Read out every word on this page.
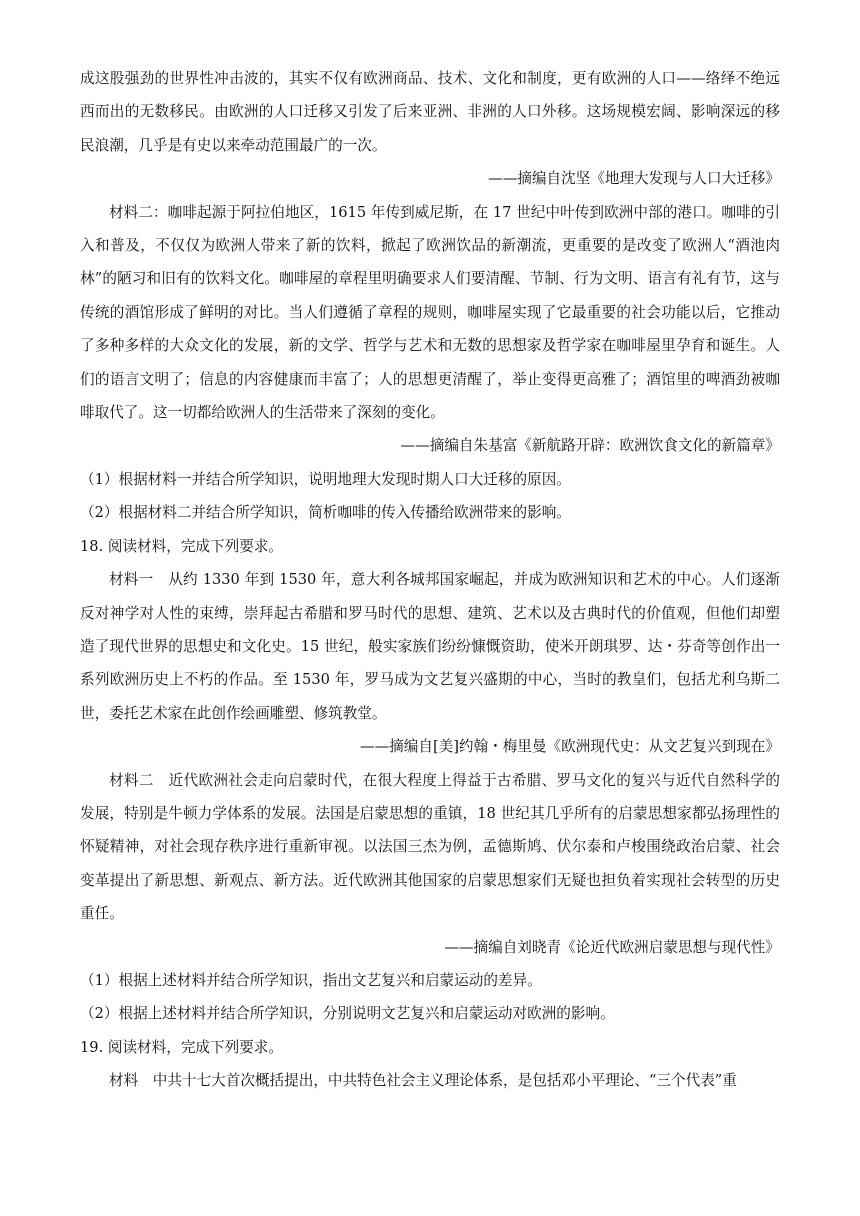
成这股强劲的世界性冲击波的，其实不仅有欧洲商品、技术、文化和制度，更有欧洲的人口——络绎不绝远西而出的无数移民。由欧洲的人口迁移又引发了后来亚洲、非洲的人口外移。这场规模宏阔、影响深远的移民浪潮，几乎是有史以来牵动范围最广的一次。

——摘编自沈坚《地理大发现与人口大迁移》

材料二：咖啡起源于阿拉伯地区，1615 年传到威尼斯，在 17 世纪中叶传到欧洲中部的港口。咖啡的引入和普及，不仅仅为欧洲人带来了新的饮料，掀起了欧洲饮品的新潮流，更重要的是改变了欧洲人“酒池肉林”的陋习和旧有的饮料文化。咖啡屋的章程里明确要求人们要清醒、节制、行为文明、语言有礼有节，这与传统的酒馆形成了鲜明的对比。当人们遵循了章程的规则，咖啡屋实现了它最重要的社会功能以后，它推动了多种多样的大众文化的发展，新的文学、哲学与艺术和无数的思想家及哲学家在咖啡屋里孕育和诞生。人们的语言文明了；信息的内容健康而丰富了；人的思想更清醒了，举止变得更高雅了；酒馆里的啤酒劲被咖啡取代了。这一切都给欧洲人的生活带来了深刻的变化。

——摘编自朱基富《新航路开辟：欧洲饮食文化的新篇章》

（1）根据材料一并结合所学知识，说明地理大发现时期人口大迁移的原因。

（2）根据材料二并结合所学知识，简析咖啡的传入传播给欧洲带来的影响。

18. 阅读材料，完成下列要求。

材料一　从约 1330 年到 1530 年，意大利各城邦国家崛起，并成为欧洲知识和艺术的中心。人们逐渐反对神学对人性的束缚，崇拜起古希腊和罗马时代的思想、建筑、艺术以及古典时代的价值观，但他们却塑造了现代世界的思想史和文化史。15 世纪，般实家族们纷纷慷慨资助，使米开朗琪罗、达・芬奇等创作出一系列欧洲历史上不朽的作品。至 1530 年，罗马成为文艺复兴盛期的中心，当时的教皇们，包括尤利乌斯二世，委托艺术家在此创作绘画雕塑、修筑教堂。

——摘编自[美]约翰・梅里曼《欧洲现代史：从文艺复兴到现在》

材料二　近代欧洲社会走向启蒙时代，在很大程度上得益于古希腊、罗马文化的复兴与近代自然科学的发展，特别是牛顿力学体系的发展。法国是启蒙思想的重镇，18 世纪其几乎所有的启蒙思想家都弘扬理性的怀疑精神，对社会现存秩序进行重新审视。以法国三杰为例，孟德斯鸠、伏尔泰和卢梭围绕政治启蒙、社会变革提出了新思想、新观点、新方法。近代欧洲其他国家的启蒙思想家们无疑也担负着实现社会转型的历史重任。

——摘编自刘晓青《论近代欧洲启蒙思想与现代性》

（1）根据上述材料并结合所学知识，指出文艺复兴和启蒙运动的差异。

（2）根据上述材料并结合所学知识，分别说明文艺复兴和启蒙运动对欧洲的影响。

19. 阅读材料，完成下列要求。

材料　中共十七大首次概括提出，中共特色社会主义理论体系，是包括邓小平理论、“三个代表”重
